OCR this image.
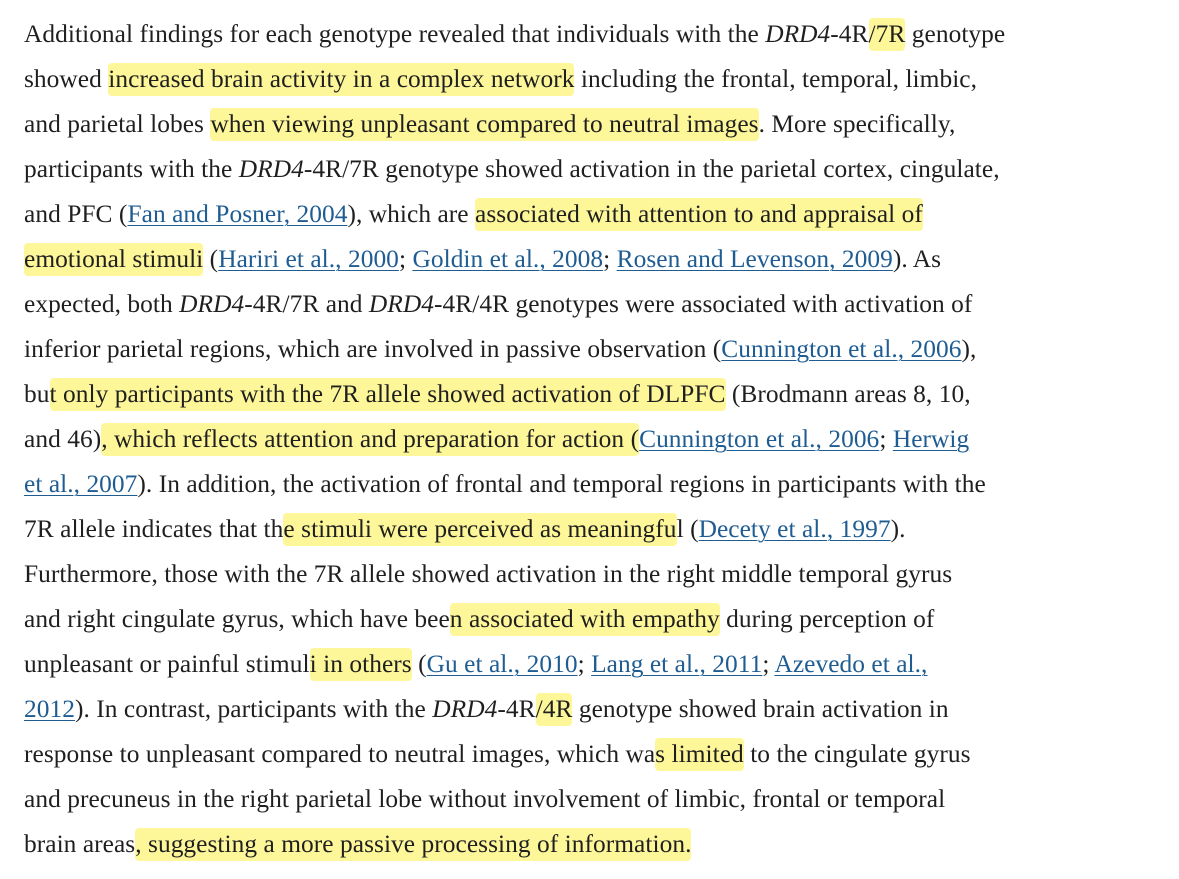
Additional findings for each genotype revealed that individuals with the DRD4-4R/7R genotype
showed increased brain activity in a complex network including the frontal, temporal, limbic,
and parietal lobes when viewing unpleasant compared to neutral images. More specifically,
participants with the DRD4-4R/7R genotype showed activation in the parietal cortex, cingulate,
and PFC (Fan and Posner, 2004), which are associated with attention to and appraisal of
emotional stimuli (Hariri et al., 2000; Goldin et al., 2008; Rosen and Levenson, 2009). As
expected, both DRD4-4R/7R and DRD4-4R/4R genotypes were associated with activation of
inferior parietal regions, which are involved in passive observation (Cunnington et al., 2006),
but only participants with the 7R allele showed activation of DLPFC (Brodmann areas 8, 10,
and 46), which reflects attention and preparation for action (Cunnington et al., 2006; Herwig
et al., 2007). In addition, the activation of frontal and temporal regions in participants with the
7R allele indicates that the stimuli were perceived as meaningful (Decety et al., 1997).
Furthermore, those with the 7R allele showed activation in the right middle temporal gyrus
and right cingulate gyrus, which have been associated with empathy during perception of
unpleasant or painful stimuli in others (Gu et al., 2010; Lang et al., 2011; Azevedo et al.,
2012). In contrast, participants with the DRD4-4R/4R genotype showed brain activation in
response to unpleasant compared to neutral images, which was limited to the cingulate gyrus
and precuneus in the right parietal lobe without involvement of limbic, frontal or temporal
brain areas, suggesting a more passive processing of information.
